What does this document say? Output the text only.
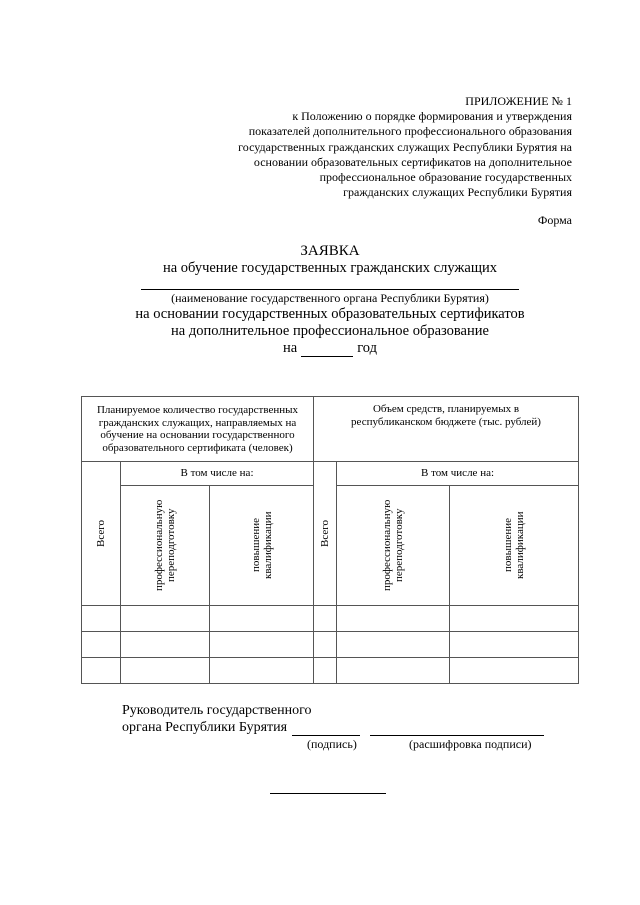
ПРИЛОЖЕНИЕ № 1
к Положению о порядке формирования и утверждения
показателей дополнительного профессионального образования
государственных гражданских служащих Республики Бурятия на
основании образовательных сертификатов на дополнительное
профессиональное образование государственных
гражданских служащих Республики Бурятия
Форма
ЗАЯВКА
на обучение государственных гражданских служащих
(наименование государственного органа Республики Бурятия)
на основании государственных образовательных сертификатов
на дополнительное профессиональное образование
на	год
Планируемое количество государственных гражданских служащих, направляемых на обучение на основании государственного образовательного сертификата (человек)			Объем средств, планируемых в республиканском бюджете (тыс. рублей)		

Всего	В том числе на:		Всего	В том числе на:	

	профессиональную переподготовку	повышение квалификации		профессиональную переподготовку	повышение квалификации

Руководитель государственного
органа Республики Бурятия
(подпись)	(расшифровка подписи)
